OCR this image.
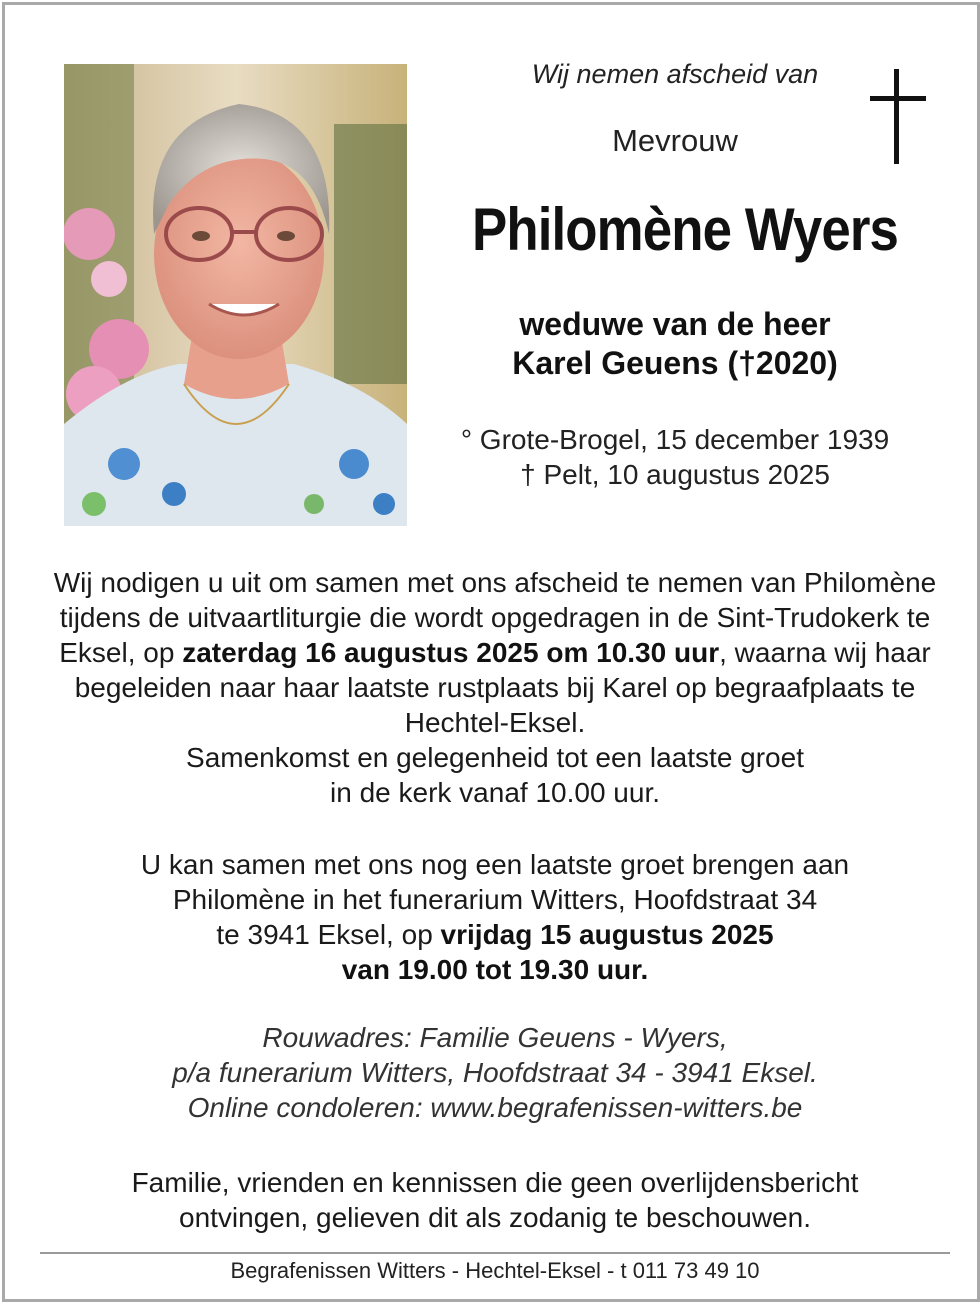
Wij nemen afscheid van
Mevrouw
Philomène Wyers
weduwe van de heer
Karel Geuens (†2020)
° Grote-Brogel, 15 december 1939
† Pelt, 10 augustus 2025
Wij nodigen u uit om samen met ons afscheid te nemen van Philomène tijdens de uitvaartliturgie die wordt opgedragen in de Sint-Trudokerk te Eksel, op zaterdag 16 augustus 2025 om 10.30 uur, waarna wij haar begeleiden naar haar laatste rustplaats bij Karel op begraafplaats te Hechtel-Eksel.
Samenkomst en gelegenheid tot een laatste groet
in de kerk vanaf 10.00 uur.
U kan samen met ons nog een laatste groet brengen aan
Philomène in het funerarium Witters, Hoofdstraat 34
te 3941 Eksel, op vrijdag 15 augustus 2025
van 19.00 tot 19.30 uur.
Rouwadres: Familie Geuens - Wyers,
p/a funerarium Witters, Hoofdstraat 34 - 3941 Eksel.
Online condoleren: www.begrafenissen-witters.be
Familie, vrienden en kennissen die geen overlijdensbericht
ontvingen, gelieven dit als zodanig te beschouwen.
Begrafenissen Witters - Hechtel-Eksel - t 011 73 49 10
